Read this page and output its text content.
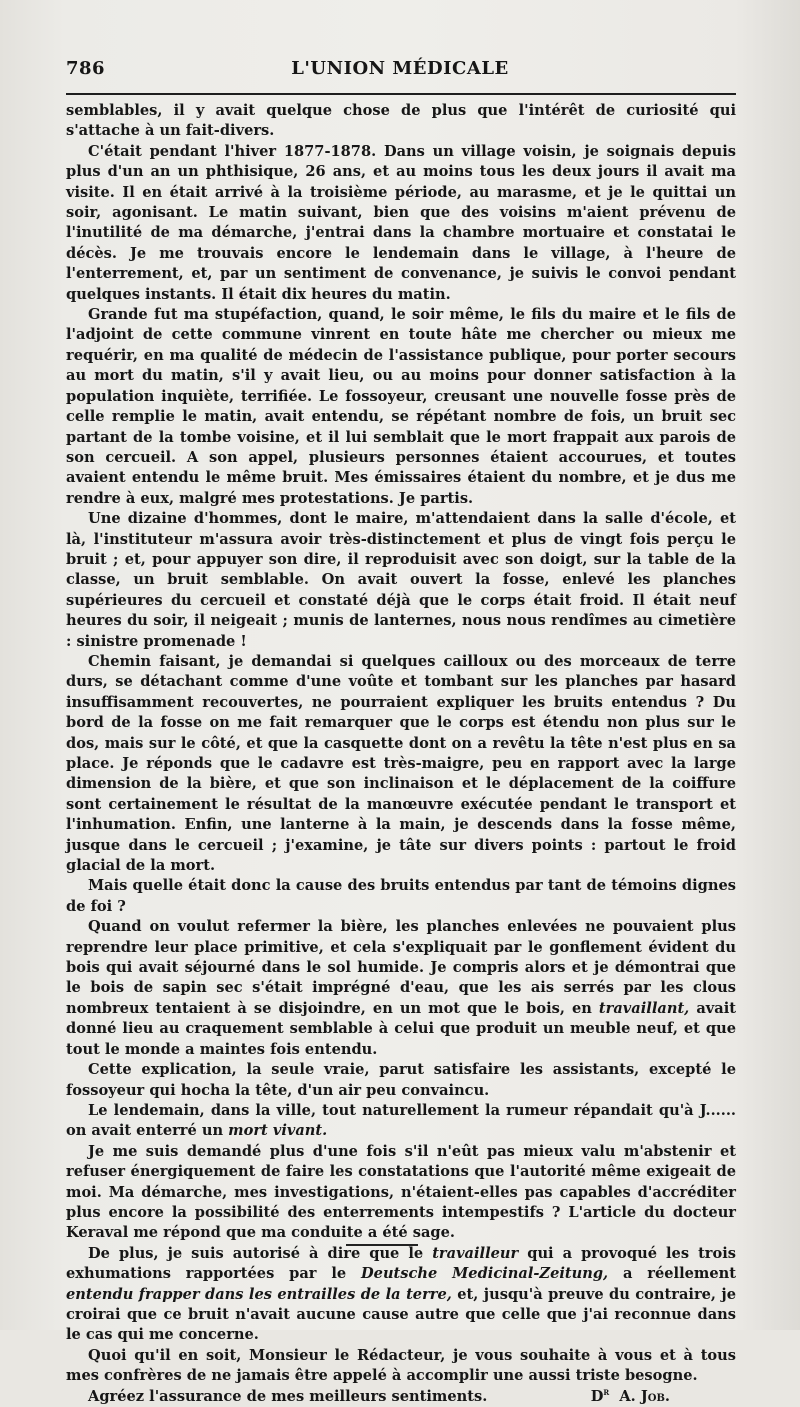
786	L'UNION MÉDICALE

semblables, il y avait quelque chose de plus que l'intérêt de curiosité qui s'attache à un fait-divers.

C'était pendant l'hiver 1877-1878. Dans un village voisin, je soignais depuis plus d'un an un phthisique, 26 ans, et au moins tous les deux jours il avait ma visite. Il en était arrivé à la troisième période, au marasme, et je le quittai un soir, agonisant. Le matin suivant, bien que des voisins m'aient prévenu de l'inutilité de ma démarche, j'entrai dans la chambre mortuaire et constatai le décès. Je me trouvais encore le lendemain dans le village, à l'heure de l'enterrement, et, par un sentiment de convenance, je suivis le convoi pendant quelques instants. Il était dix heures du matin.

Grande fut ma stupéfaction, quand, le soir même, le fils du maire et le fils de l'adjoint de cette commune vinrent en toute hâte me chercher ou mieux me requérir, en ma qualité de médecin de l'assistance publique, pour porter secours au mort du matin, s'il y avait lieu, ou au moins pour donner satisfaction à la population inquiète, terrifiée. Le fossoyeur, creusant une nouvelle fosse près de celle remplie le matin, avait entendu, se répétant nombre de fois, un bruit sec partant de la tombe voisine, et il lui semblait que le mort frappait aux parois de son cercueil. A son appel, plusieurs personnes étaient accourues, et toutes avaient entendu le même bruit. Mes émissaires étaient du nombre, et je dus me rendre à eux, malgré mes protestations. Je partis.

Une dizaine d'hommes, dont le maire, m'attendaient dans la salle d'école, et là, l'instituteur m'assura avoir très-distinctement et plus de vingt fois perçu le bruit ; et, pour appuyer son dire, il reproduisit avec son doigt, sur la table de la classe, un bruit semblable. On avait ouvert la fosse, enlevé les planches supérieures du cercueil et constaté déjà que le corps était froid. Il était neuf heures du soir, il neigeait ; munis de lanternes, nous nous rendîmes au cimetière : sinistre promenade !

Chemin faisant, je demandai si quelques cailloux ou des morceaux de terre durs, se détachant comme d'une voûte et tombant sur les planches par hasard insuffisamment recouvertes, ne pourraient expliquer les bruits entendus ? Du bord de la fosse on me fait remarquer que le corps est étendu non plus sur le dos, mais sur le côté, et que la casquette dont on a revêtu la tête n'est plus en sa place. Je réponds que le cadavre est très-maigre, peu en rapport avec la large dimension de la bière, et que son inclinaison et le déplacement de la coiffure sont certainement le résultat de la manœuvre exécutée pendant le transport et l'inhumation. Enfin, une lanterne à la main, je descends dans la fosse même, jusque dans le cercueil ; j'examine, je tâte sur divers points : partout le froid glacial de la mort.

Mais quelle était donc la cause des bruits entendus par tant de témoins dignes de foi ?

Quand on voulut refermer la bière, les planches enlevées ne pouvaient plus reprendre leur place primitive, et cela s'expliquait par le gonflement évident du bois qui avait séjourné dans le sol humide. Je compris alors et je démontrai que le bois de sapin sec s'était imprégné d'eau, que les ais serrés par les clous nombreux tentaient à se disjoindre, en un mot que le bois, en travaillant, avait donné lieu au craquement semblable à celui que produit un meuble neuf, et que tout le monde a maintes fois entendu.

Cette explication, la seule vraie, parut satisfaire les assistants, excepté le fossoyeur qui hocha la tête, d'un air peu convaincu.

Le lendemain, dans la ville, tout naturellement la rumeur répandait qu'à J...... on avait enterré un mort vivant.

Je me suis demandé plus d'une fois s'il n'eût pas mieux valu m'abstenir et refuser énergiquement de faire les constatations que l'autorité même exigeait de moi. Ma démarche, mes investigations, n'étaient-elles pas capables d'accréditer plus encore la possibilité des enterrements intempestifs ? L'article du docteur Keraval me répond que ma conduite a été sage.

De plus, je suis autorisé à dire que le travailleur qui a provoqué les trois exhumations rapportées par le Deutsche Medicinal-Zeitung, a réellement entendu frapper dans les entrailles de la terre, et, jusqu'à preuve du contraire, je croirai que ce bruit n'avait aucune cause autre que celle que j'ai reconnue dans le cas qui me concerne.

Quoi qu'il en soit, Monsieur le Rédacteur, je vous souhaite à vous et à tous mes confrères de ne jamais être appelé à accomplir une aussi triste besogne.

Agréez l'assurance de mes meilleurs sentiments.	$D^r$ A. Job.
